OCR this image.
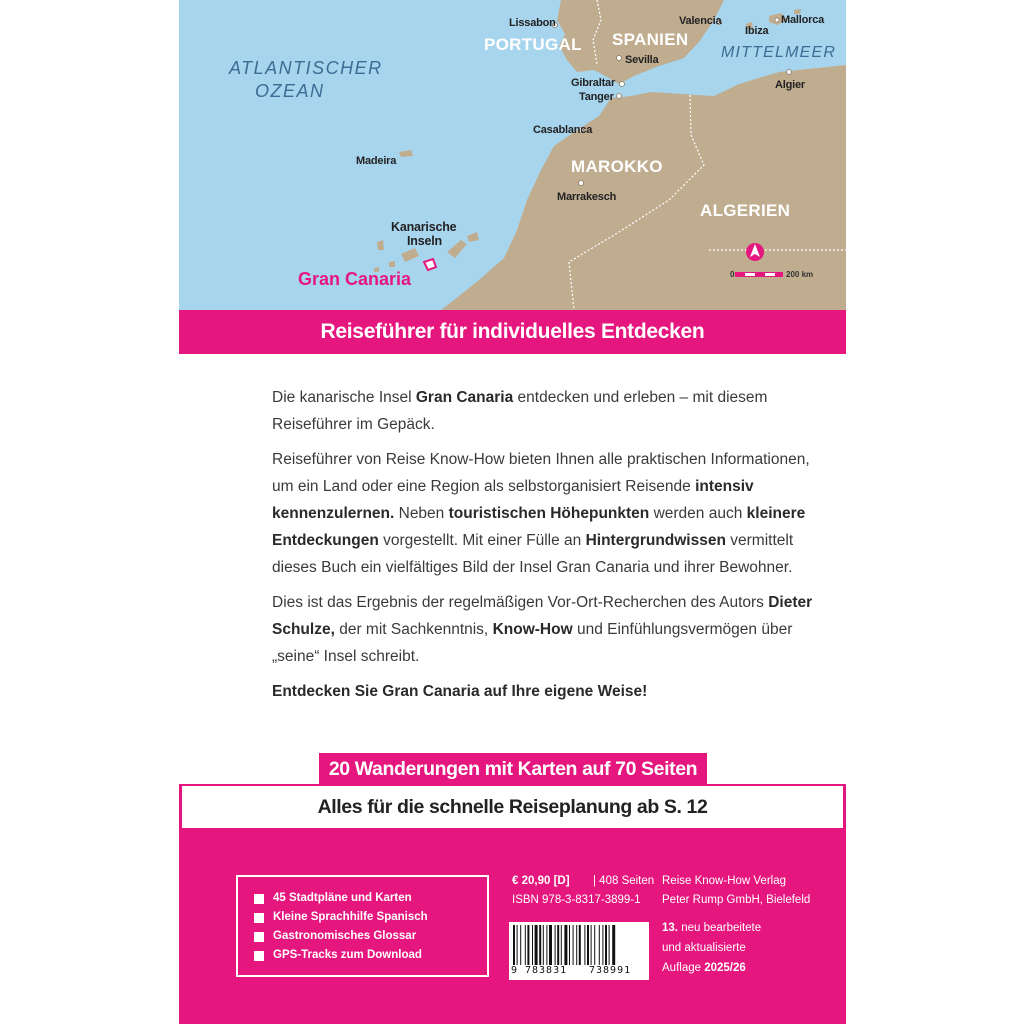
ATLANTISCHER
OZEAN
MITTELMEER
PORTUGAL SPANIEN
MAROKKO
ALGERIEN
Lissabon	Valencia	Mallorca
Ibiza
Sevilla
Gibraltar
Tanger
Algier
Casablanca
Marrakesch
Madeira
Kanarische
Inseln
Gran Canaria	0	200 km
Reiseführer für individuelles Entdecken

Die kanarische Insel Gran Canaria entdecken und erleben – mit diesem Reiseführer im Gepäck.

Reiseführer von Reise Know-How bieten Ihnen alle praktischen Informationen, um ein Land oder eine Region als selbstorganisiert Reisende intensiv kennenzulernen. Neben touristischen Höhepunkten werden auch kleinere Entdeckungen vorgestellt. Mit einer Fülle an Hintergrundwissen vermittelt dieses Buch ein vielfältiges Bild der Insel Gran Canaria und ihrer Bewohner.

Dies ist das Ergebnis der regelmäßigen Vor-Ort-Recherchen des Autors Dieter Schulze, der mit Sachkenntnis, Know-How und Einfühlungsvermögen über „seine“ Insel schreibt.

Entdecken Sie Gran Canaria auf Ihre eigene Weise!

20 Wanderungen mit Karten auf 70 Seiten
Alles für die schnelle Reiseplanung ab S. 12
45 Stadtpläne und Karten
Kleine Sprachhilfe Spanisch
Gastronomisches Glossar
GPS-Tracks zum Download
€ 20,90 [D] | 408 Seiten
ISBN 978-3-8317-3899-1
Reise Know-How Verlag
Peter Rump GmbH, Bielefeld
13. neu bearbeitete
und aktualisierte
Auflage 2025/26
9 783831 738991
